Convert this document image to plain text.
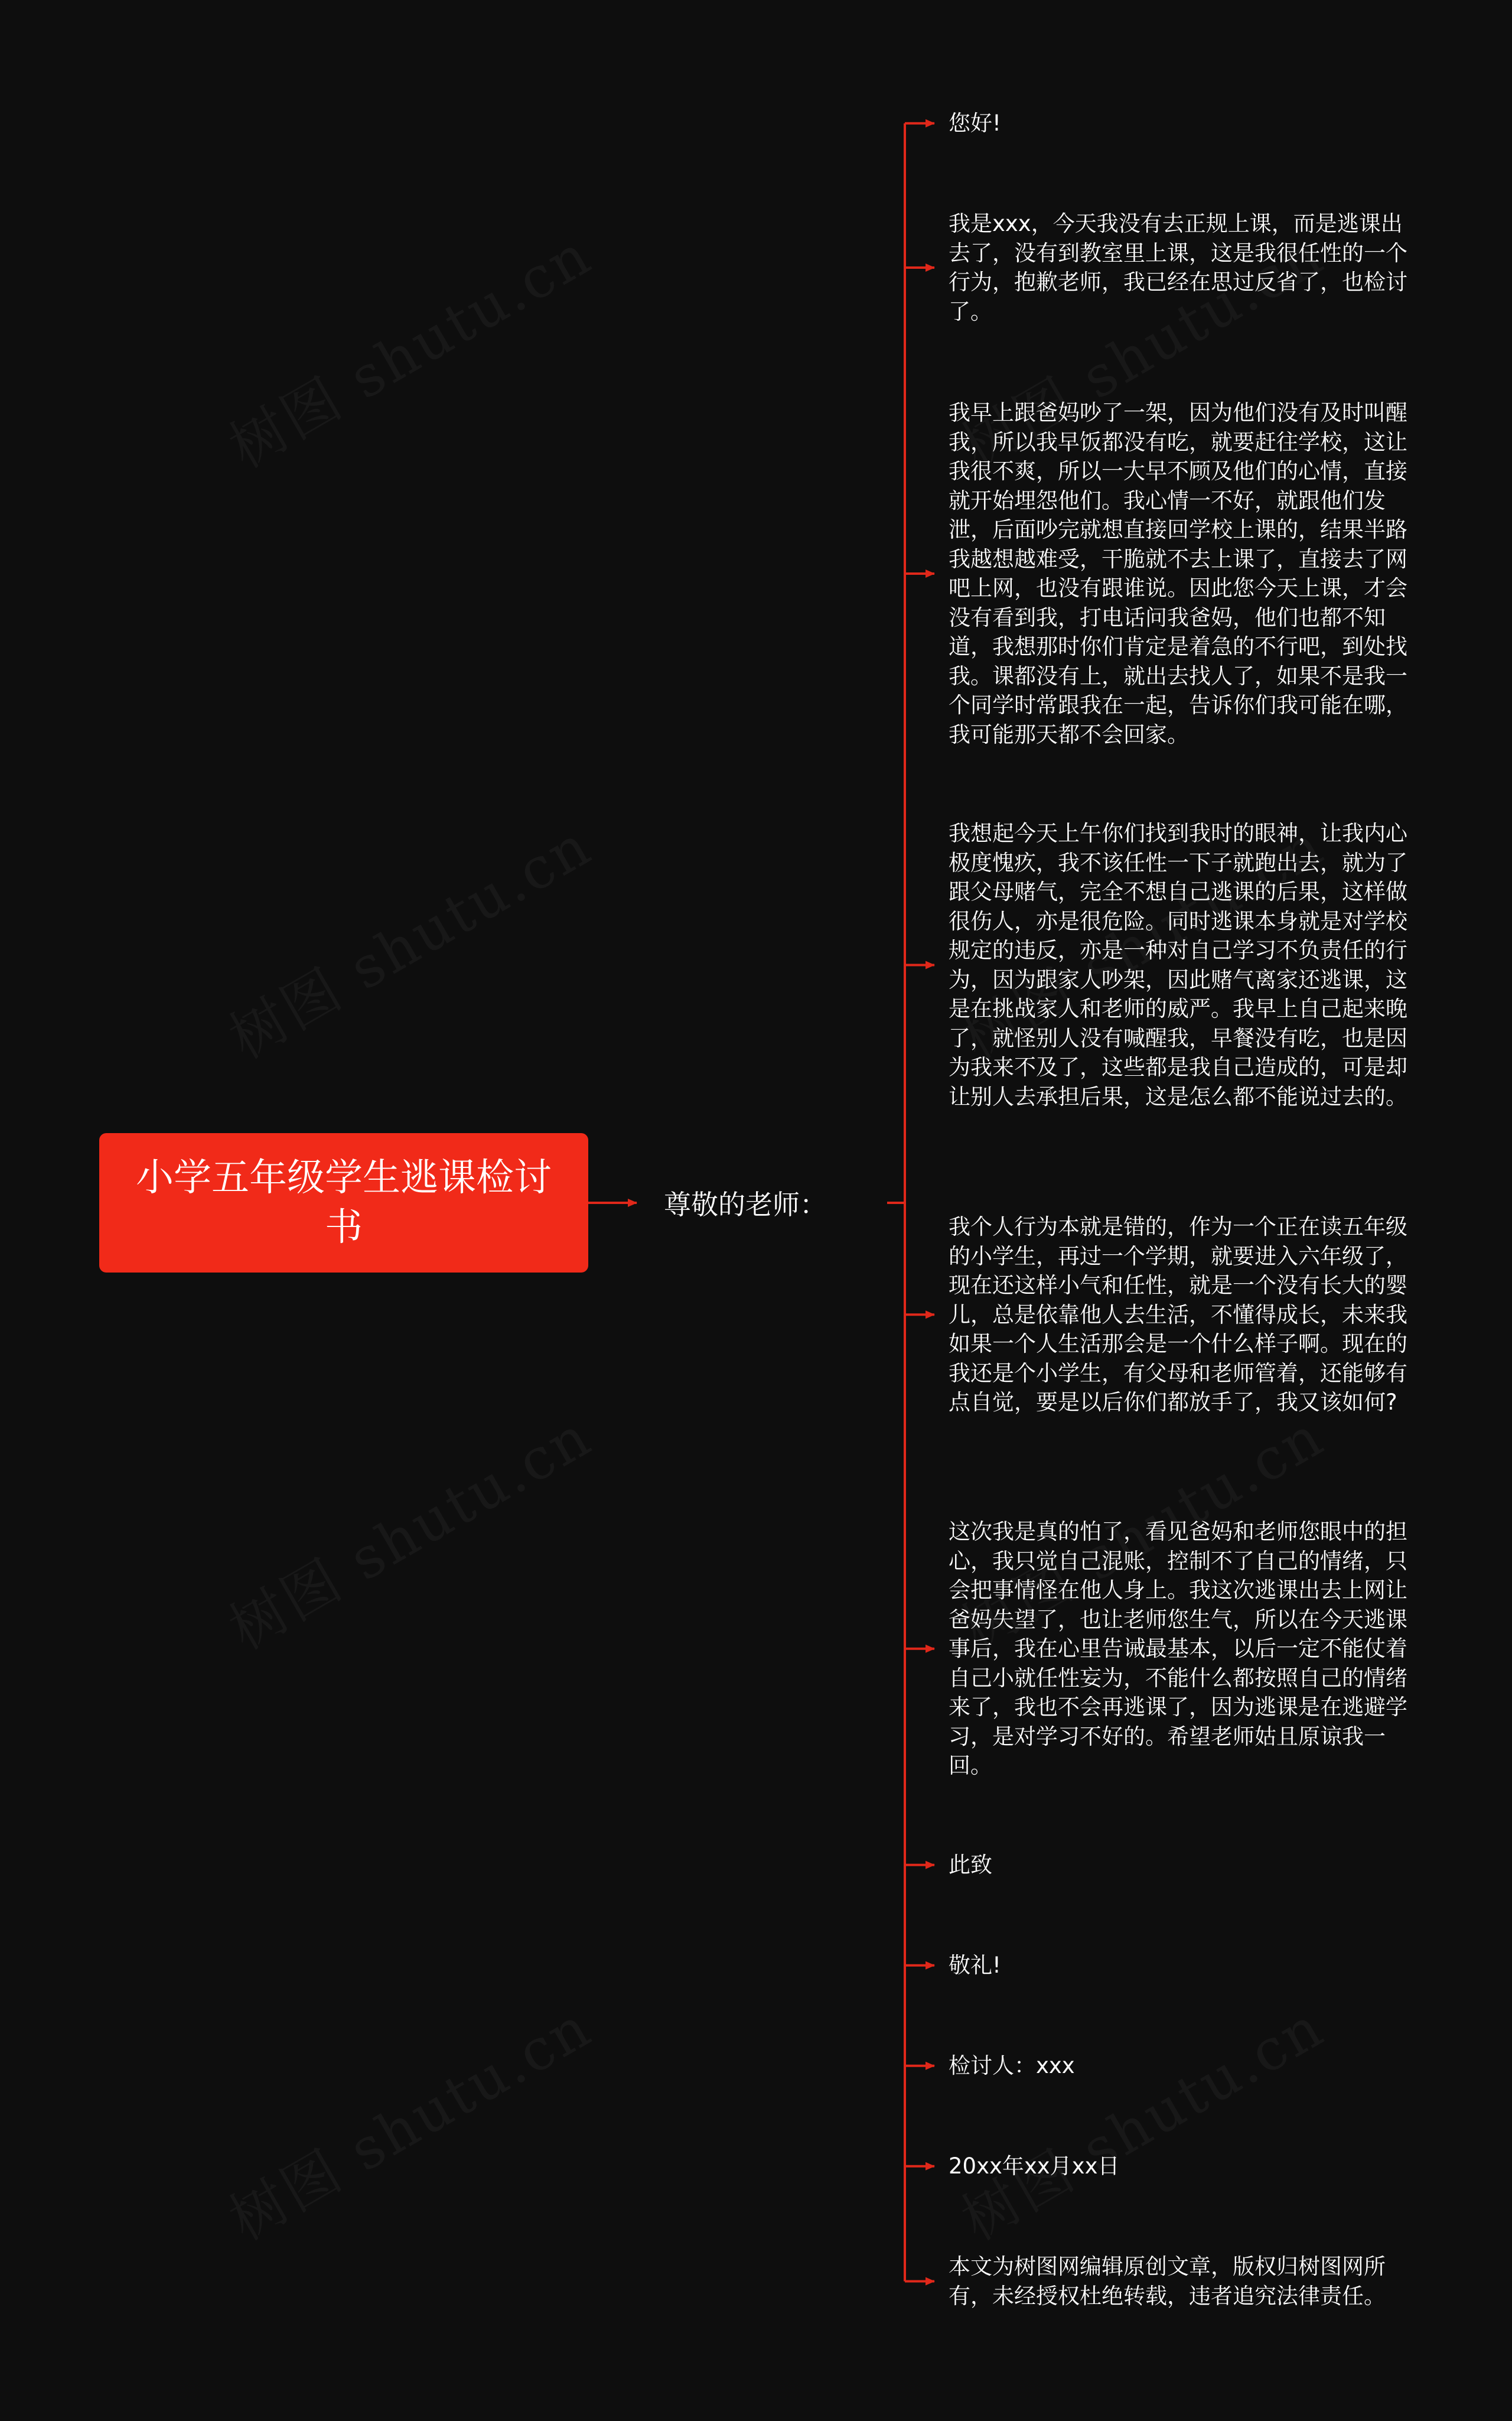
小学五年级学生逃课检讨书
尊敬的老师：
您好!
我是xxx，今天我没有去正规上课，而是逃课出去了，没有到教室里上课，这是我很任性的一个行为，抱歉老师，我已经在思过反省了，也检讨了。
我早上跟爸妈吵了一架，因为他们没有及时叫醒我，所以我早饭都没有吃，就要赶往学校，这让我很不爽，所以一大早不顾及他们的心情，直接就开始埋怨他们。我心情一不好，就跟他们发泄，后面吵完就想直接回学校上课的，结果半路我越想越难受，干脆就不去上课了，直接去了网吧上网，也没有跟谁说。因此您今天上课，才会没有看到我，打电话问我爸妈，他们也都不知道，我想那时你们肯定是着急的不行吧，到处找我。课都没有上，就出去找人了，如果不是我一个同学时常跟我在一起，告诉你们我可能在哪，我可能那天都不会回家。
我想起今天上午你们找到我时的眼神，让我内心极度愧疚，我不该任性一下子就跑出去，就为了跟父母赌气，完全不想自己逃课的后果，这样做很伤人，亦是很危险。同时逃课本身就是对学校规定的违反，亦是一种对自己学习不负责任的行为，因为跟家人吵架，因此赌气离家还逃课，这是在挑战家人和老师的威严。我早上自己起来晚了，就怪别人没有喊醒我，早餐没有吃，也是因为我来不及了，这些都是我自己造成的，可是却让别人去承担后果，这是怎么都不能说过去的。
我个人行为本就是错的，作为一个正在读五年级的小学生，再过一个学期，就要进入六年级了，现在还这样小气和任性，就是一个没有长大的婴儿，总是依靠他人去生活，不懂得成长，未来我如果一个人生活那会是一个什么样子啊。现在的我还是个小学生，有父母和老师管着，还能够有点自觉，要是以后你们都放手了，我又该如何?
这次我是真的怕了，看见爸妈和老师您眼中的担心，我只觉自己混账，控制不了自己的情绪，只会把事情怪在他人身上。我这次逃课出去上网让爸妈失望了，也让老师您生气，所以在今天逃课事后，我在心里告诫最基本，以后一定不能仗着自己小就任性妄为，不能什么都按照自己的情绪来了，我也不会再逃课了，因为逃课是在逃避学习，是对学习不好的。希望老师姑且原谅我一回。
此致
敬礼!
检讨人：xxx
20xx年xx月xx日
本文为树图网编辑原创文章，版权归树图网所有，未经授权杜绝转载，违者追究法律责任。
